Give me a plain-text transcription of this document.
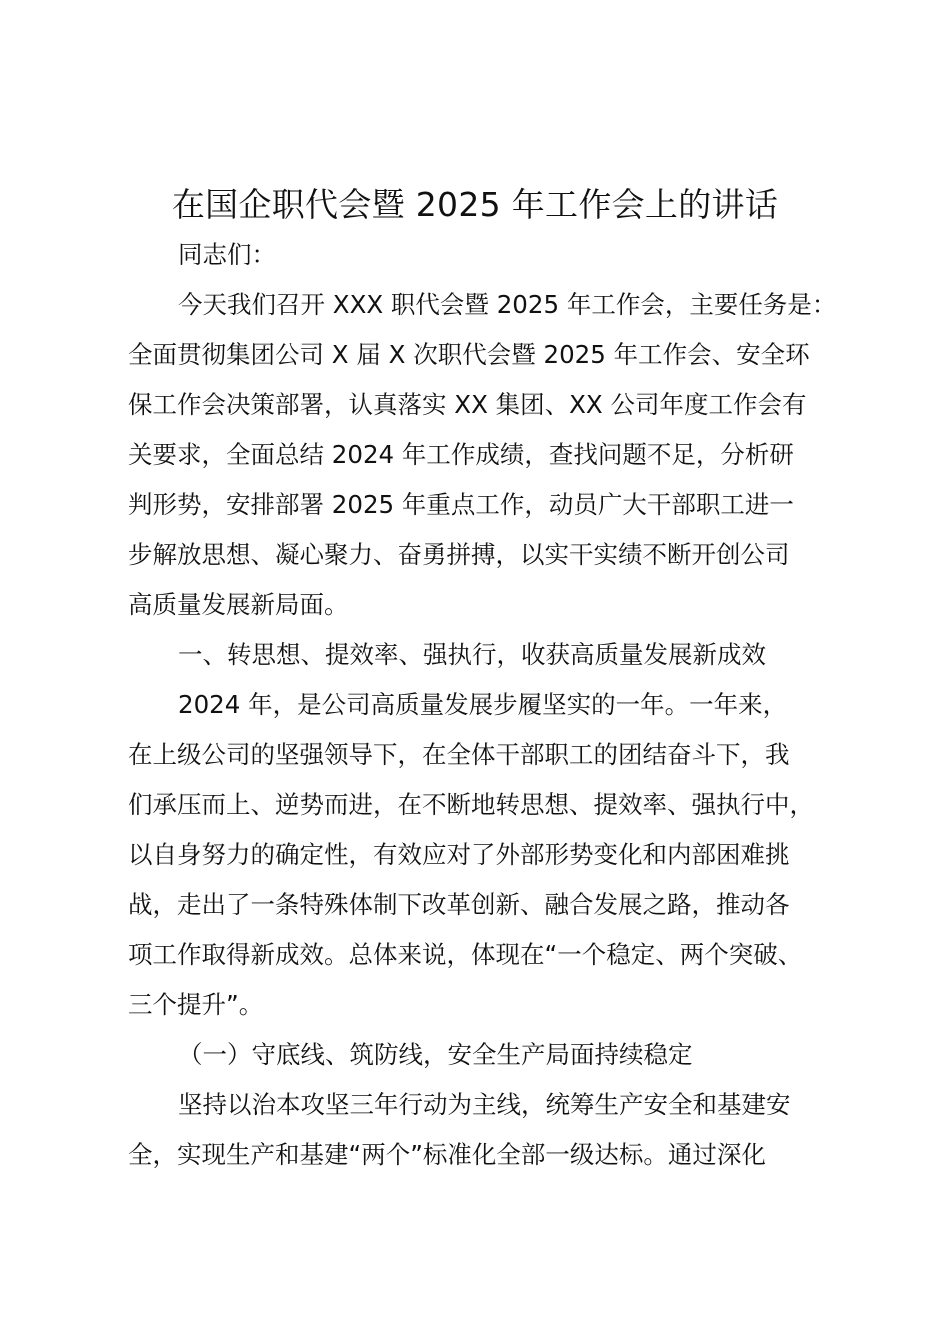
在国企职代会暨 2025 年工作会上的讲话
同志们：
今天我们召开 XXX 职代会暨 2025 年工作会，主要任务是：
全面贯彻集团公司 X 届 X 次职代会暨 2025 年工作会、安全环
保工作会决策部署，认真落实 XX 集团、XX 公司年度工作会有
关要求，全面总结 2024 年工作成绩，查找问题不足，分析研
判形势，安排部署 2025 年重点工作，动员广大干部职工进一
步解放思想、凝心聚力、奋勇拼搏，以实干实绩不断开创公司
高质量发展新局面。
一、转思想、提效率、强执行，收获高质量发展新成效
2024 年，是公司高质量发展步履坚实的一年。一年来，
在上级公司的坚强领导下，在全体干部职工的团结奋斗下，我
们承压而上、逆势而进，在不断地转思想、提效率、强执行中，
以自身努力的确定性，有效应对了外部形势变化和内部困难挑
战，走出了一条特殊体制下改革创新、融合发展之路，推动各
项工作取得新成效。总体来说，体现在“一个稳定、两个突破、
三个提升”。
（一）守底线、筑防线，安全生产局面持续稳定
坚持以治本攻坚三年行动为主线，统筹生产安全和基建安
全，实现生产和基建“两个”标准化全部一级达标。通过深化
